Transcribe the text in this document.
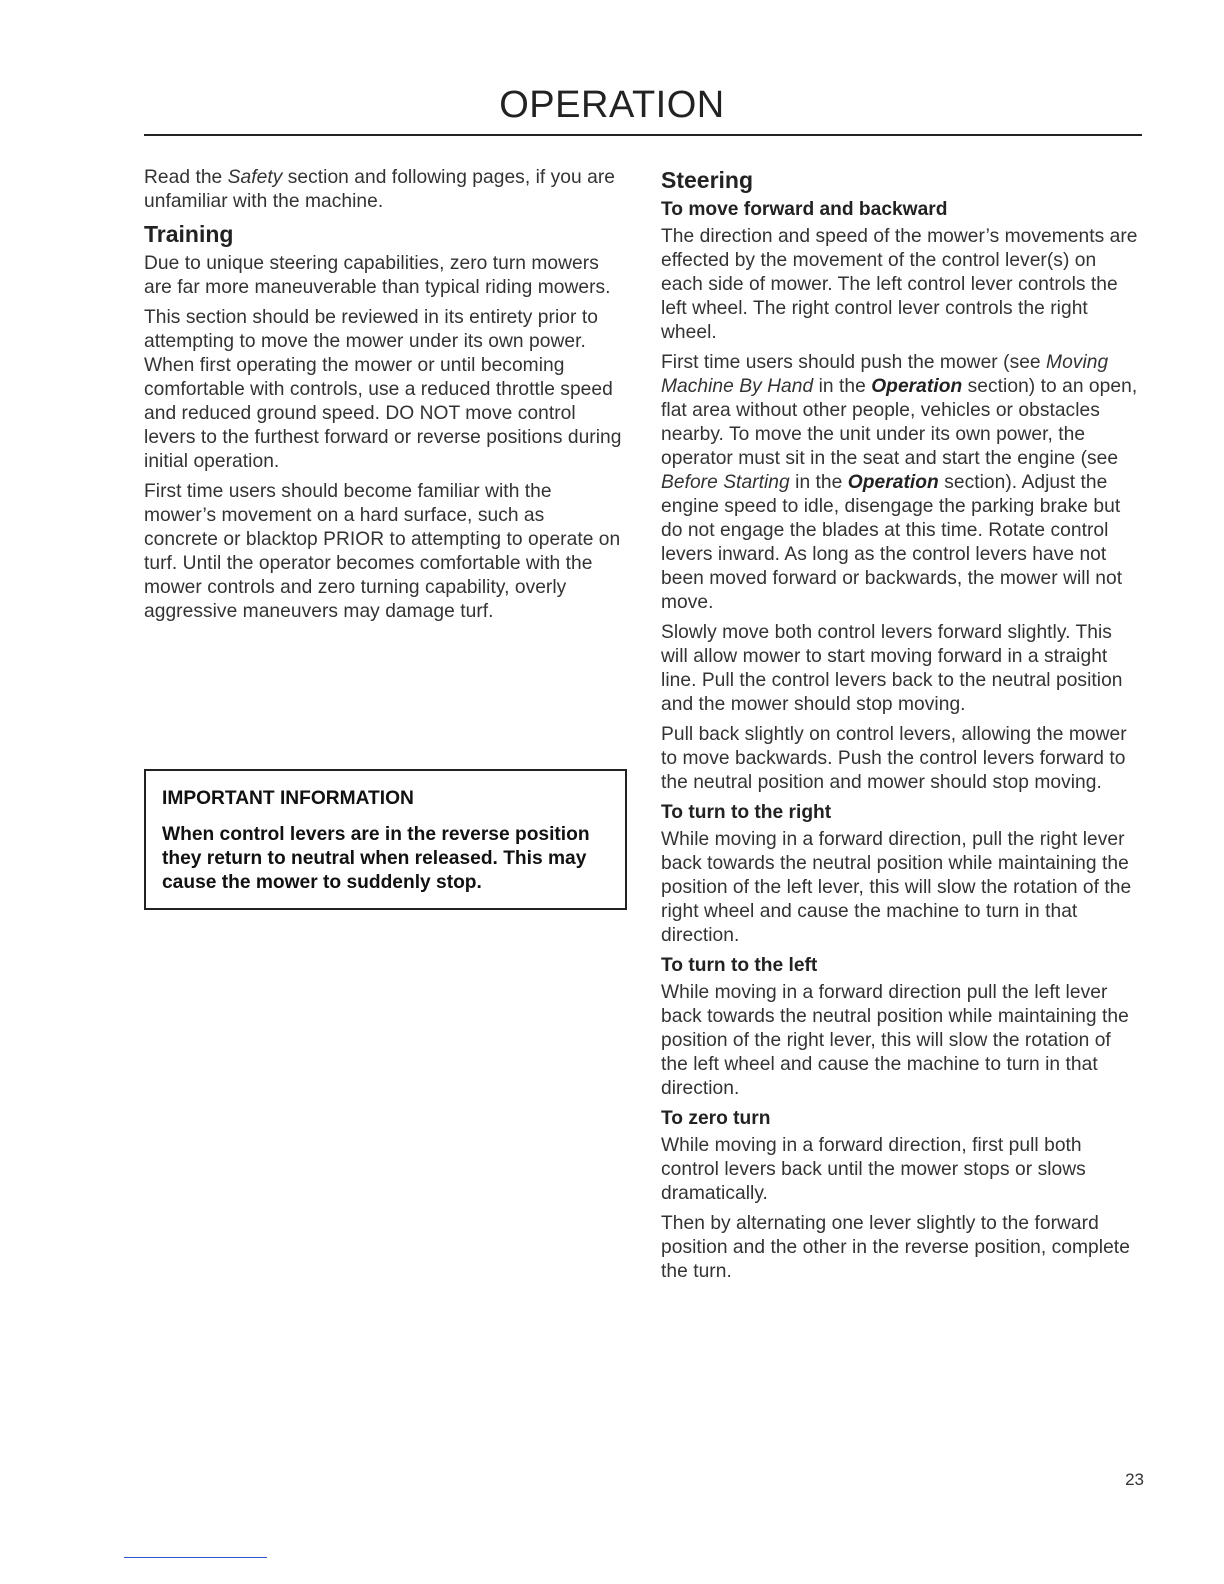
OPERATION

Read the Safety section and following pages, if you are unfamiliar with the machine.

Training

Due to unique steering capabilities, zero turn mowers are far more maneuverable than typical riding mowers.

This section should be reviewed in its entirety prior to attempting to move the mower under its own power. When first operating the mower or until becoming comfortable with controls, use a reduced throttle speed and reduced ground speed. DO NOT move control levers to the furthest forward or reverse positions during initial operation.

First time users should become familiar with the mower’s movement on a hard surface, such as concrete or blacktop PRIOR to attempting to operate on turf. Until the operator becomes comfortable with the mower controls and zero turning capability, overly aggressive maneuvers may damage turf.

IMPORTANT INFORMATION

When control levers are in the reverse position they return to neutral when released. This may cause the mower to suddenly stop.

Steering
To move forward and backward

The direction and speed of the mower’s movements are effected by the movement of the control lever(s) on each side of mower. The left control lever controls the left wheel. The right control lever controls the right wheel.

First time users should push the mower (see Moving Machine By Hand in the Operation section) to an open, flat area without other people, vehicles or obstacles nearby. To move the unit under its own power, the operator must sit in the seat and start the engine (see Before Starting in the Operation section). Adjust the engine speed to idle, disengage the parking brake but do not engage the blades at this time. Rotate control levers inward. As long as the control levers have not been moved forward or backwards, the mower will not move.

Slowly move both control levers forward slightly. This will allow mower to start moving forward in a straight line. Pull the control levers back to the neutral position and the mower should stop moving.

Pull back slightly on control levers, allowing the mower to move backwards. Push the control levers forward to the neutral position and mower should stop moving.

To turn to the right

While moving in a forward direction, pull the right lever back towards the neutral position while maintaining the position of the left lever, this will slow the rotation of the right wheel and cause the machine to turn in that direction.

To turn to the left

While moving in a forward direction pull the left lever back towards the neutral position while maintaining the position of the right lever, this will slow the rotation of the left wheel and cause the machine to turn in that direction.

To zero turn

While moving in a forward direction, first pull both control levers back until the mower stops or slows dramatically.

Then by alternating one lever slightly to the forward position and the other in the reverse position, complete the turn.

23
